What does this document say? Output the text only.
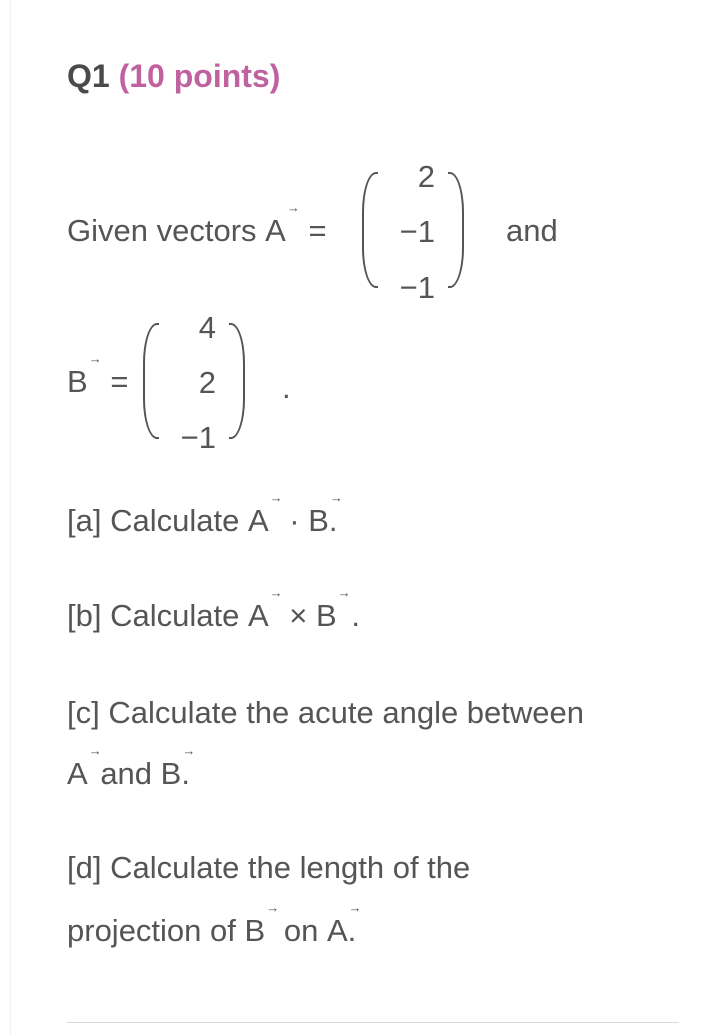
Q1 (10 points)
Given vectors A
→
=
2
−1
−1
and
B
→
=
4
2
−1
.
[a] Calculate A
→
· B
→
.
[b] Calculate A
→
× B
→
.
[c] Calculate the acute angle between
A
→
and B
→
.
[d] Calculate the length of the
projection of B
→
on A
→
.
